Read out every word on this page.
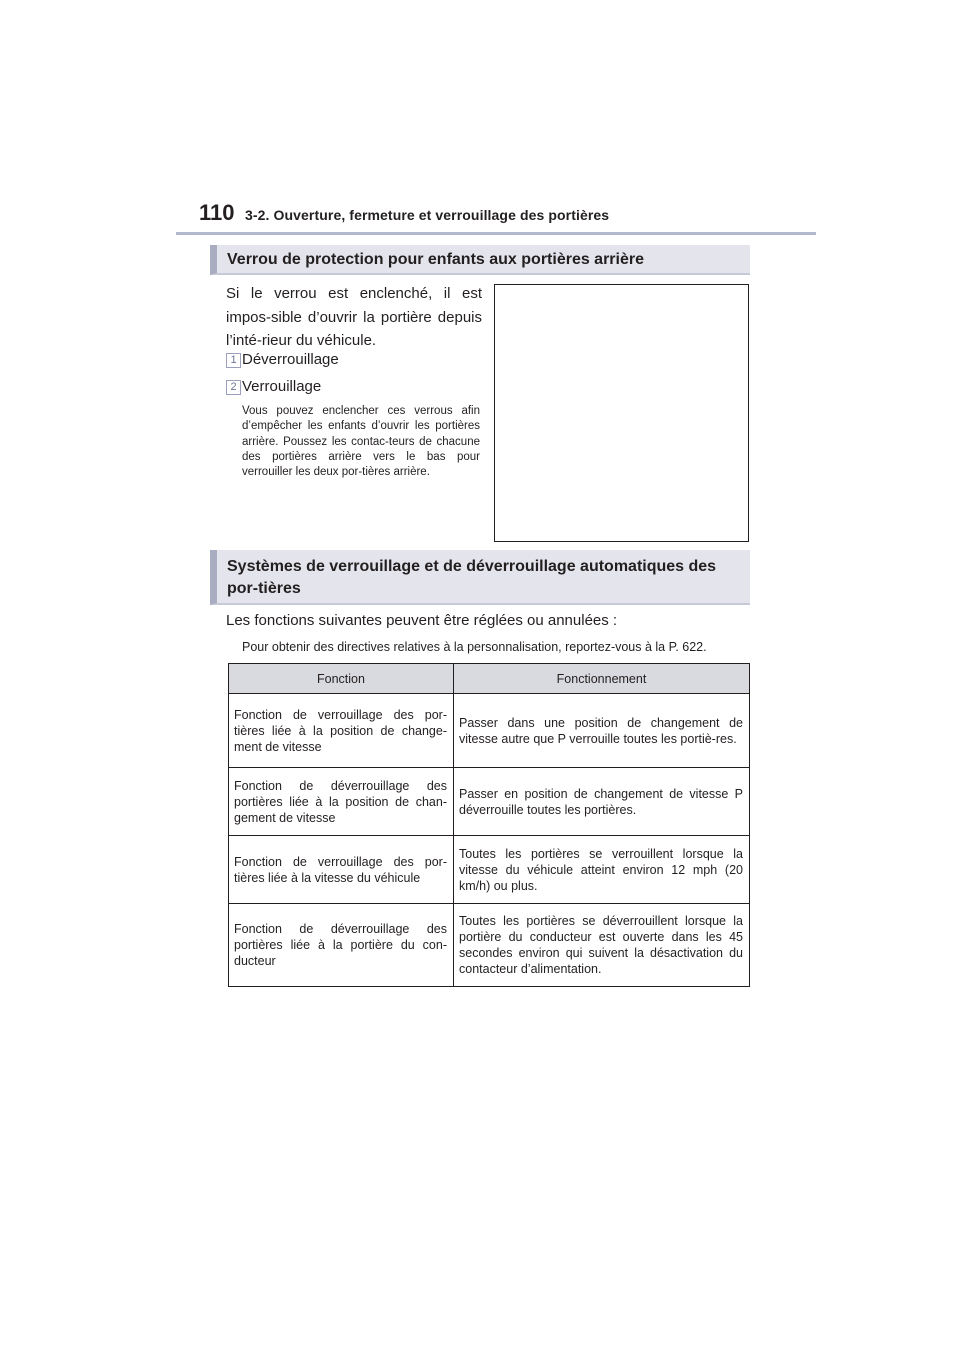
110 3-2. Ouverture, fermeture et verrouillage des portières
Verrou de protection pour enfants aux portières arrière
Si le verrou est enclenché, il est impos-sible d’ouvrir la portière depuis l’inté-rieur du véhicule.
1 Déverrouillage
2 Verrouillage
Vous pouvez enclencher ces verrous afin d’empêcher les enfants d’ouvrir les portières arrière. Poussez les contac-teurs de chacune des portières arrière vers le bas pour verrouiller les deux por-tières arrière.
Systèmes de verrouillage et de déverrouillage automatiques des por-tières
Les fonctions suivantes peuvent être réglées ou annulées :
Pour obtenir des directives relatives à la personnalisation, reportez-vous à la P. 622.
Fonction	Fonctionnement
Fonction de verrouillage des por-tières liée à la position de change-ment de vitesse	Passer dans une position de changement de vitesse autre que P verrouille toutes les portiè-res.
Fonction de déverrouillage des portières liée à la position de chan-gement de vitesse	Passer en position de changement de vitesse P déverrouille toutes les portières.
Fonction de verrouillage des por-tières liée à la vitesse du véhicule	Toutes les portières se verrouillent lorsque la vitesse du véhicule atteint environ 12 mph (20 km/h) ou plus.
Fonction de déverrouillage des portières liée à la portière du con-ducteur	Toutes les portières se déverrouillent lorsque la portière du conducteur est ouverte dans les 45 secondes environ qui suivent la désactivation du contacteur d’alimentation.
